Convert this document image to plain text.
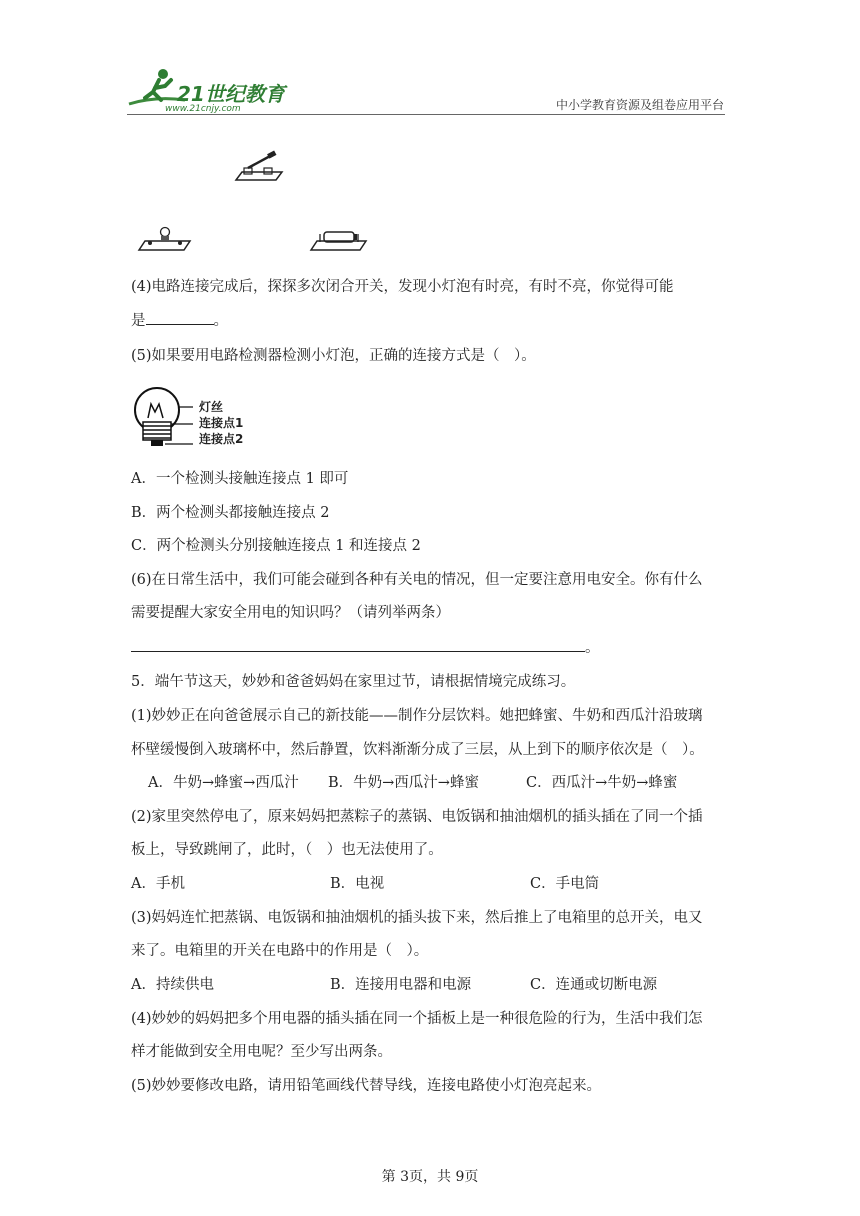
21世纪教育
www.21cnjy.com	中小学教育资源及组卷应用平台
(4)电路连接完成后，探探多次闭合开关，发现小灯泡有时亮，有时不亮，你觉得可能
是	。
(5)如果要用电路检测器检测小灯泡，正确的连接方式是（　）。
灯丝
连接点1
连接点2
A．一个检测头接触连接点 1 即可
B．两个检测头都接触连接点 2
C．两个检测头分别接触连接点 1 和连接点 2
(6)在日常生活中，我们可能会碰到各种有关电的情况，但一定要注意用电安全。你有什么
需要提醒大家安全用电的知识吗？（请列举两条）
。
5．端午节这天，妙妙和爸爸妈妈在家里过节，请根据情境完成练习。
(1)妙妙正在向爸爸展示自己的新技能——制作分层饮料。她把蜂蜜、牛奶和西瓜汁沿玻璃
杯壁缓慢倒入玻璃杯中，然后静置，饮料渐渐分成了三层，从上到下的顺序依次是（　）。
A．牛奶→蜂蜜→西瓜汁 B．牛奶→西瓜汁→蜂蜜	C．西瓜汁→牛奶→蜂蜜
(2)家里突然停电了，原来妈妈把蒸粽子的蒸锅、电饭锅和抽油烟机的插头插在了同一个插
板上，导致跳闸了，此时，（　）也无法使用了。
A．手机	B．电视	C．手电筒
(3)妈妈连忙把蒸锅、电饭锅和抽油烟机的插头拔下来，然后推上了电箱里的总开关，电又
来了。电箱里的开关在电路中的作用是（　）。
A．持续供电	B．连接用电器和电源	C．连通或切断电源
(4)妙妙的妈妈把多个用电器的插头插在同一个插板上是一种很危险的行为，生活中我们怎
样才能做到安全用电呢？至少写出两条。
(5)妙妙要修改电路，请用铅笔画线代替导线，连接电路使小灯泡亮起来。
第 3页，共 9页
